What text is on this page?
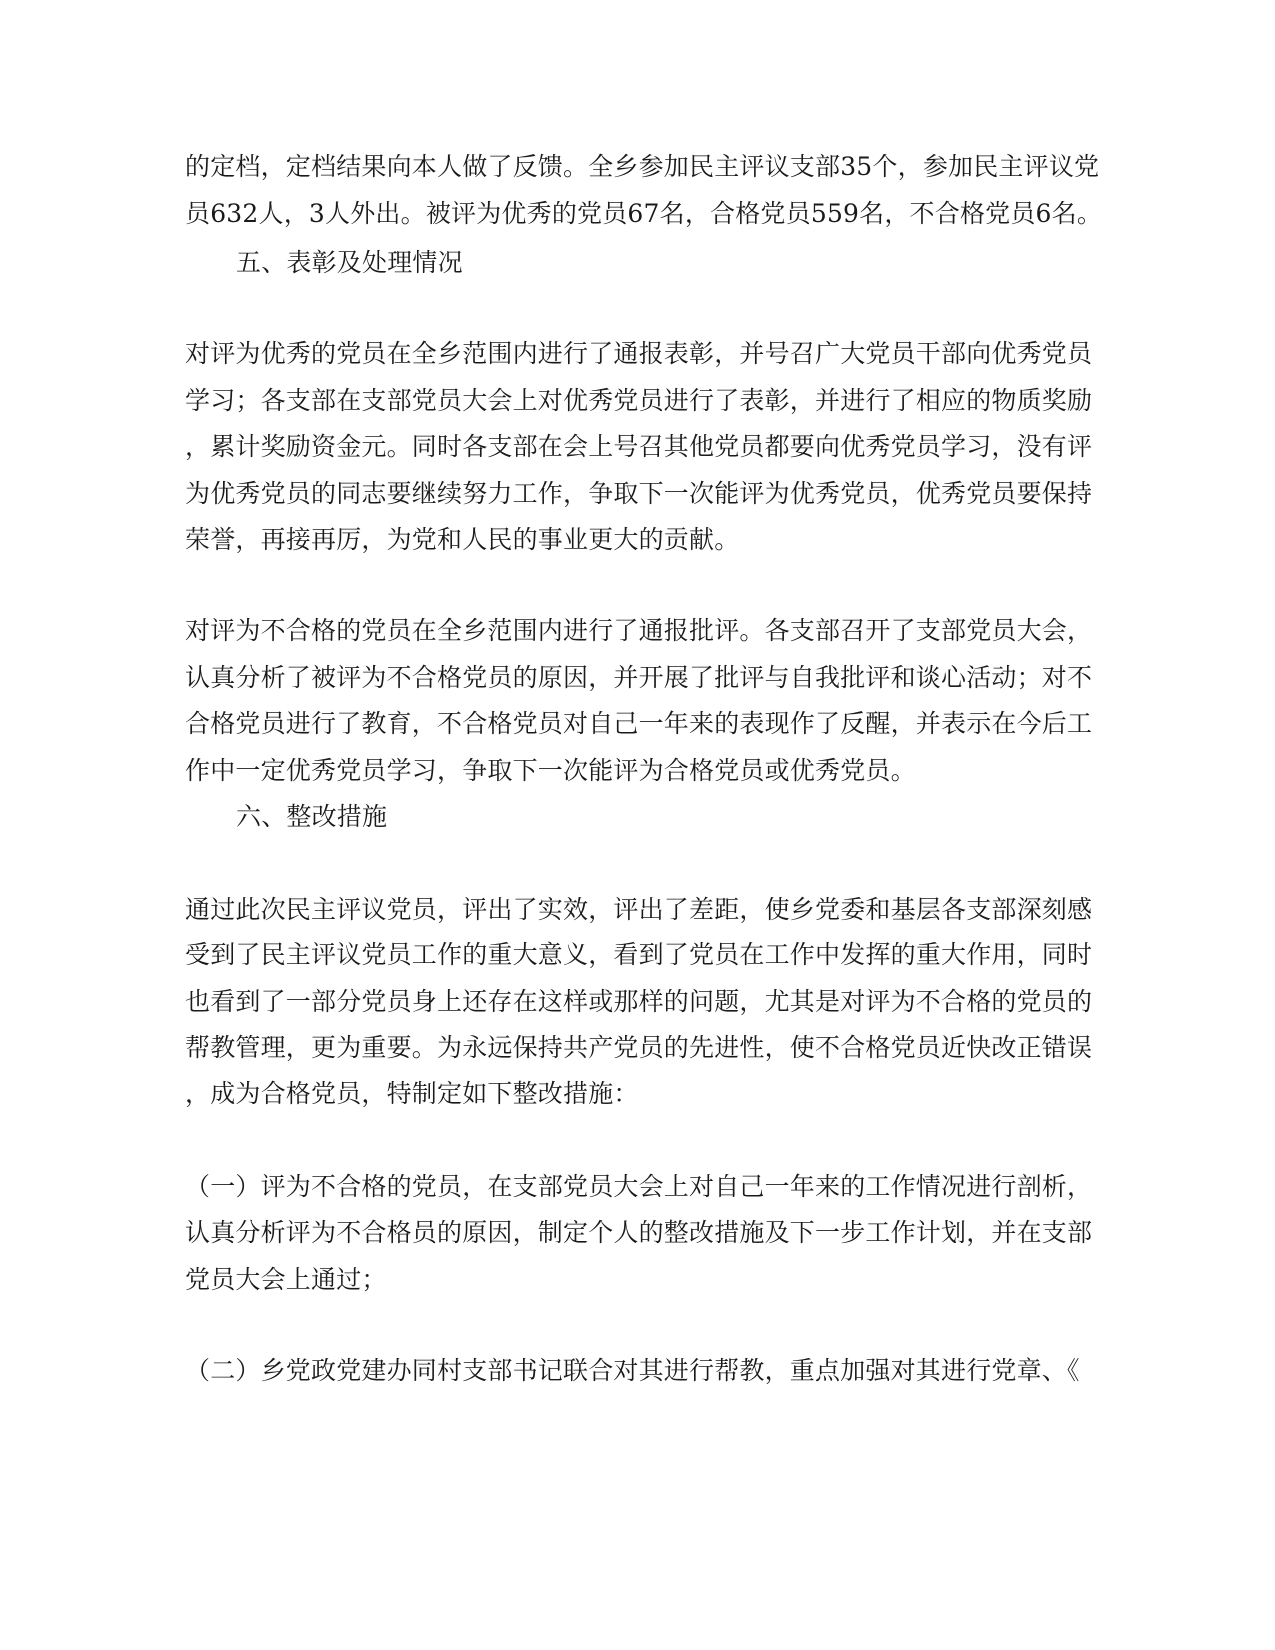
的定档，定档结果向本人做了反馈。全乡参加民主评议支部35个，参加民主评议党
员632人，3人外出。被评为优秀的党员67名，合格党员559名，不合格党员6名。
五、表彰及处理情况
对评为优秀的党员在全乡范围内进行了通报表彰，并号召广大党员干部向优秀党员
学习；各支部在支部党员大会上对优秀党员进行了表彰，并进行了相应的物质奖励
，累计奖励资金元。同时各支部在会上号召其他党员都要向优秀党员学习，没有评
为优秀党员的同志要继续努力工作，争取下一次能评为优秀党员，优秀党员要保持
荣誉，再接再厉，为党和人民的事业更大的贡献。
对评为不合格的党员在全乡范围内进行了通报批评。各支部召开了支部党员大会，
认真分析了被评为不合格党员的原因，并开展了批评与自我批评和谈心活动；对不
合格党员进行了教育，不合格党员对自己一年来的表现作了反醒，并表示在今后工
作中一定优秀党员学习，争取下一次能评为合格党员或优秀党员。
六、整改措施
通过此次民主评议党员，评出了实效，评出了差距，使乡党委和基层各支部深刻感
受到了民主评议党员工作的重大意义，看到了党员在工作中发挥的重大作用，同时
也看到了一部分党员身上还存在这样或那样的问题，尤其是对评为不合格的党员的
帮教管理，更为重要。为永远保持共产党员的先进性，使不合格党员近快改正错误
，成为合格党员，特制定如下整改措施：
（一）评为不合格的党员，在支部党员大会上对自己一年来的工作情况进行剖析，
认真分析评为不合格员的原因，制定个人的整改措施及下一步工作计划，并在支部
党员大会上通过；
（二）乡党政党建办同村支部书记联合对其进行帮教，重点加强对其进行党章、《
